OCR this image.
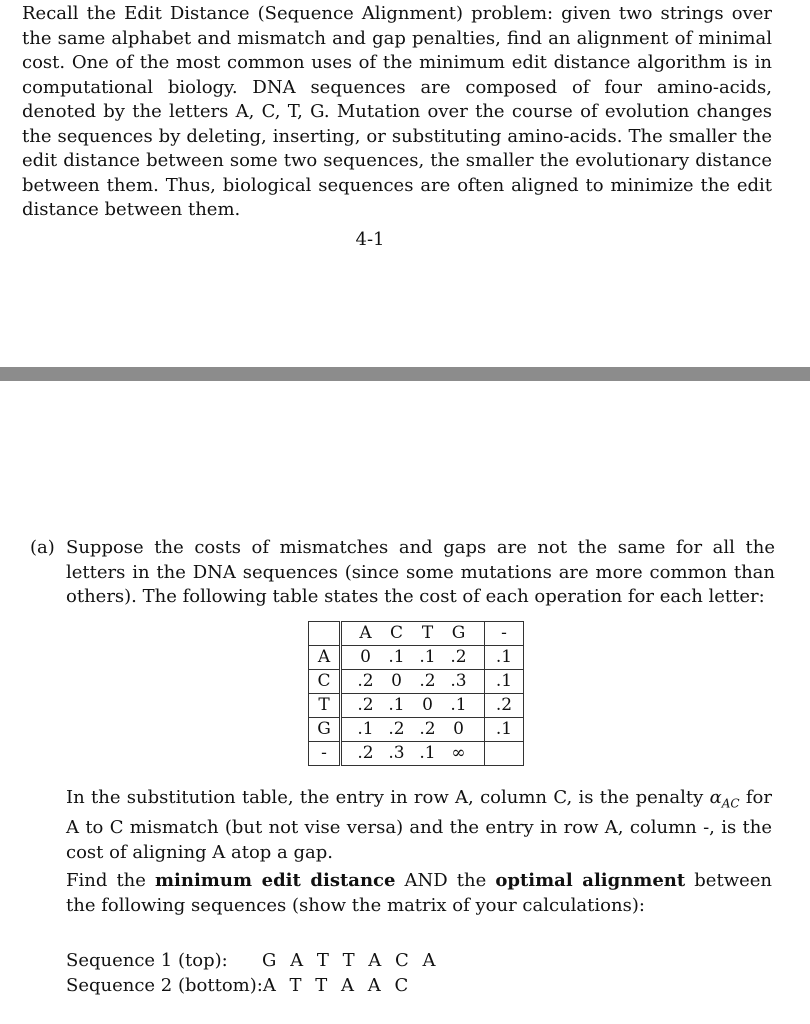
Recall the Edit Distance (Sequence Alignment) problem: given two strings over the same alphabet and mismatch and gap penalties, find an alignment of minimal cost. One of the most common uses of the minimum edit distance algorithm is in computational biology. DNA sequences are composed of four amino-acids, denoted by the letters A, C, T, G. Mutation over the course of evolution changes the sequences by deleting, inserting, or substituting amino-acids. The smaller the edit distance between some two sequences, the smaller the evolutionary distance between them. Thus, biological sequences are often aligned to minimize the edit distance between them.

4-1
(a) Suppose the costs of mismatches and gaps are not the same for all the letters in the DNA sequences (since some mutations are more common than others). The following table states the cost of each operation for each letter:
	A C T G	-
A	0 .1 .1 .2	.1
C	.2 0 .2 .3	.1
T	.2 .1 0 .1	.2
G	.1 .2 .2 0	.1
-	.2 .3 .1 ∞	

In the substitution table, the entry in row A, column C, is the penalty $\alpha_{AC}$ for A to C mismatch (but not vise versa) and the entry in row A, column -, is the cost of aligning A atop a gap.

Find the minimum edit distance AND the optimal alignment between the following sequences (show the matrix of your calculations):

Sequence 1 (top): G A T T A C A
Sequence 2 (bottom):A T T A A C
